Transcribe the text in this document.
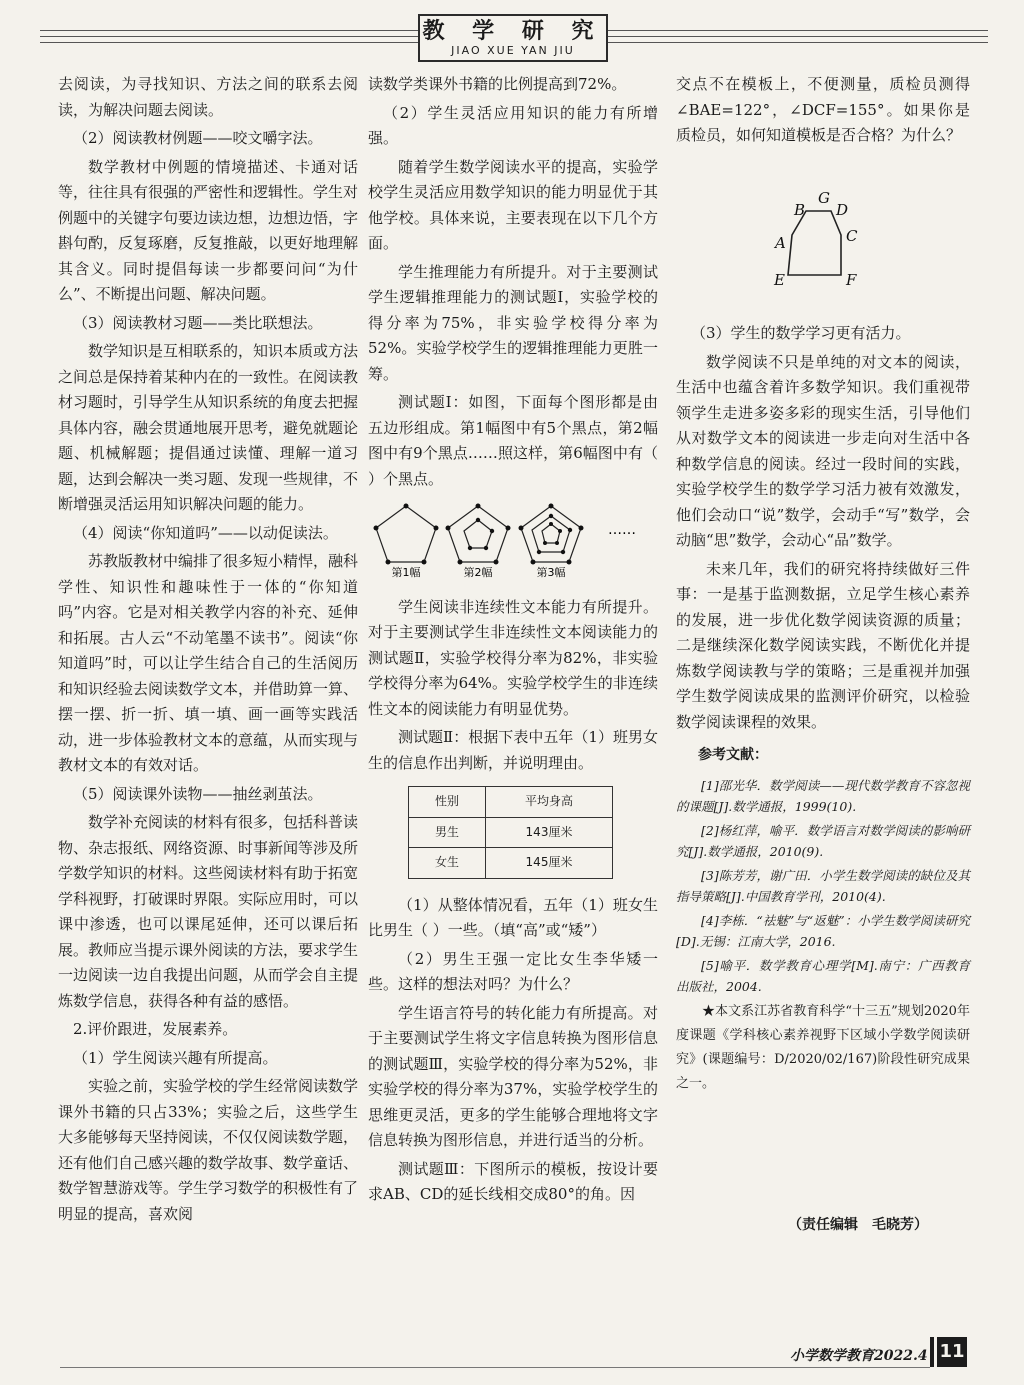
教 学 研 究
JIAO XUE YAN JIU

去阅读，为寻找知识、方法之间的联系去阅读，为解决问题去阅读。

（2）阅读教材例题——咬文嚼字法。

数学教材中例题的情境描述、卡通对话等，往往具有很强的严密性和逻辑性。学生对例题中的关键字句要边读边想，边想边悟，字斟句酌，反复琢磨，反复推敲，以更好地理解其含义。同时提倡每读一步都要问问“为什么”、不断提出问题、解决问题。

（3）阅读教材习题——类比联想法。

数学知识是互相联系的，知识本质或方法之间总是保持着某种内在的一致性。在阅读教材习题时，引导学生从知识系统的角度去把握具体内容，融会贯通地展开思考，避免就题论题、机械解题；提倡通过读懂、理解一道习题，达到会解决一类习题、发现一些规律，不断增强灵活运用知识解决问题的能力。

（4）阅读“你知道吗”——以动促读法。

苏教版教材中编排了很多短小精悍，融科学性、知识性和趣味性于一体的“你知道吗”内容。它是对相关教学内容的补充、延伸和拓展。古人云“不动笔墨不读书”。阅读“你知道吗”时，可以让学生结合自己的生活阅历和知识经验去阅读数学文本，并借助算一算、摆一摆、折一折、填一填、画一画等实践活动，进一步体验教材文本的意蕴，从而实现与教材文本的有效对话。

（5）阅读课外读物——抽丝剥茧法。

数学补充阅读的材料有很多，包括科普读物、杂志报纸、网络资源、时事新闻等涉及所学数学知识的材料。这些阅读材料有助于拓宽学科视野，打破课时界限。实际应用时，可以课中渗透，也可以课尾延伸，还可以课后拓展。教师应当提示课外阅读的方法，要求学生一边阅读一边自我提出问题，从而学会自主提炼数学信息，获得各种有益的感悟。

2.评价跟进，发展素养。

（1）学生阅读兴趣有所提高。

实验之前，实验学校的学生经常阅读数学课外书籍的只占33%；实验之后，这些学生大多能够每天坚持阅读，不仅仅阅读数学题，还有他们自己感兴趣的数学故事、数学童话、数学智慧游戏等。学生学习数学的积极性有了明显的提高，喜欢阅

读数学类课外书籍的比例提高到72%。

（2）学生灵活应用知识的能力有所增强。

随着学生数学阅读水平的提高，实验学校学生灵活应用数学知识的能力明显优于其他学校。具体来说，主要表现在以下几个方面。

学生推理能力有所提升。对于主要测试学生逻辑推理能力的测试题Ⅰ，实验学校的得分率为75%，非实验学校得分率为52%。实验学校学生的逻辑推理能力更胜一筹。

测试题Ⅰ：如图，下面每个图形都是由五边形组成。第1幅图中有5个黑点，第2幅图中有9个黑点……照这样，第6幅图中有（ ）个黑点。

第1幅	第2幅	第3幅
……

学生阅读非连续性文本能力有所提升。对于主要测试学生非连续性文本阅读能力的测试题Ⅱ，实验学校得分率为82%，非实验学校得分率为64%。实验学校学生的非连续性文本的阅读能力有明显优势。

测试题Ⅱ：根据下表中五年（1）班男女生的信息作出判断，并说明理由。

性别	平均身高
男生	143厘米
女生	145厘米

（1）从整体情况看，五年（1）班女生比男生（ ）一些。（填“高”或“矮”）

（2）男生王强一定比女生李华矮一些。这样的想法对吗？为什么？

学生语言符号的转化能力有所提高。对于主要测试学生将文字信息转换为图形信息的测试题Ⅲ，实验学校的得分率为52%，非实验学校的得分率为37%，实验学校学生的思维更灵活，更多的学生能够合理地将文字信息转换为图形信息，并进行适当的分析。

测试题Ⅲ：下图所示的模板，按设计要求AB、CD的延长线相交成80°的角。因

交点不在模板上，不便测量，质检员测得∠BAE=122°，∠DCF=155°。如果你是质检员，如何知道模板是否合格？为什么？

G
B D
A	C
E	F

（3）学生的数学学习更有活力。

数学阅读不只是单纯的对文本的阅读，生活中也蕴含着许多数学知识。我们重视带领学生走进多姿多彩的现实生活，引导他们从对数学文本的阅读进一步走向对生活中各种数学信息的阅读。经过一段时间的实践，实验学校学生的数学学习活力被有效激发，他们会动口“说”数学，会动手“写”数学，会动脑“思”数学，会动心“品”数学。

未来几年，我们的研究将持续做好三件事：一是基于监测数据，立足学生核心素养的发展，进一步优化数学阅读资源的质量；二是继续深化数学阅读实践，不断优化并提炼数学阅读教与学的策略；三是重视并加强学生数学阅读成果的监测评价研究，以检验数学阅读课程的效果。

参考文献：

[1]邵光华．数学阅读——现代数学教育不容忽视的课题[J].数学通报，1999(10).

[2]杨红萍，喻平．数学语言对数学阅读的影响研究[J].数学通报，2010(9).

[3]陈芳芳，谢广田．小学生数学阅读的缺位及其指导策略[J].中国教育学刊，2010(4).

[4]李栋．“祛魅”与“返魅”：小学生数学阅读研究[D].无锡：江南大学，2016.

[5]喻平．数学教育心理学[M].南宁：广西教育出版社，2004.

★本文系江苏省教育科学“十三五”规划2020年度课题《学科核心素养视野下区域小学数学阅读研究》(课题编号：D/2020/02/167)阶段性研究成果之一。

（责任编辑　毛晓芳）
小学数学教育2022.4 11
